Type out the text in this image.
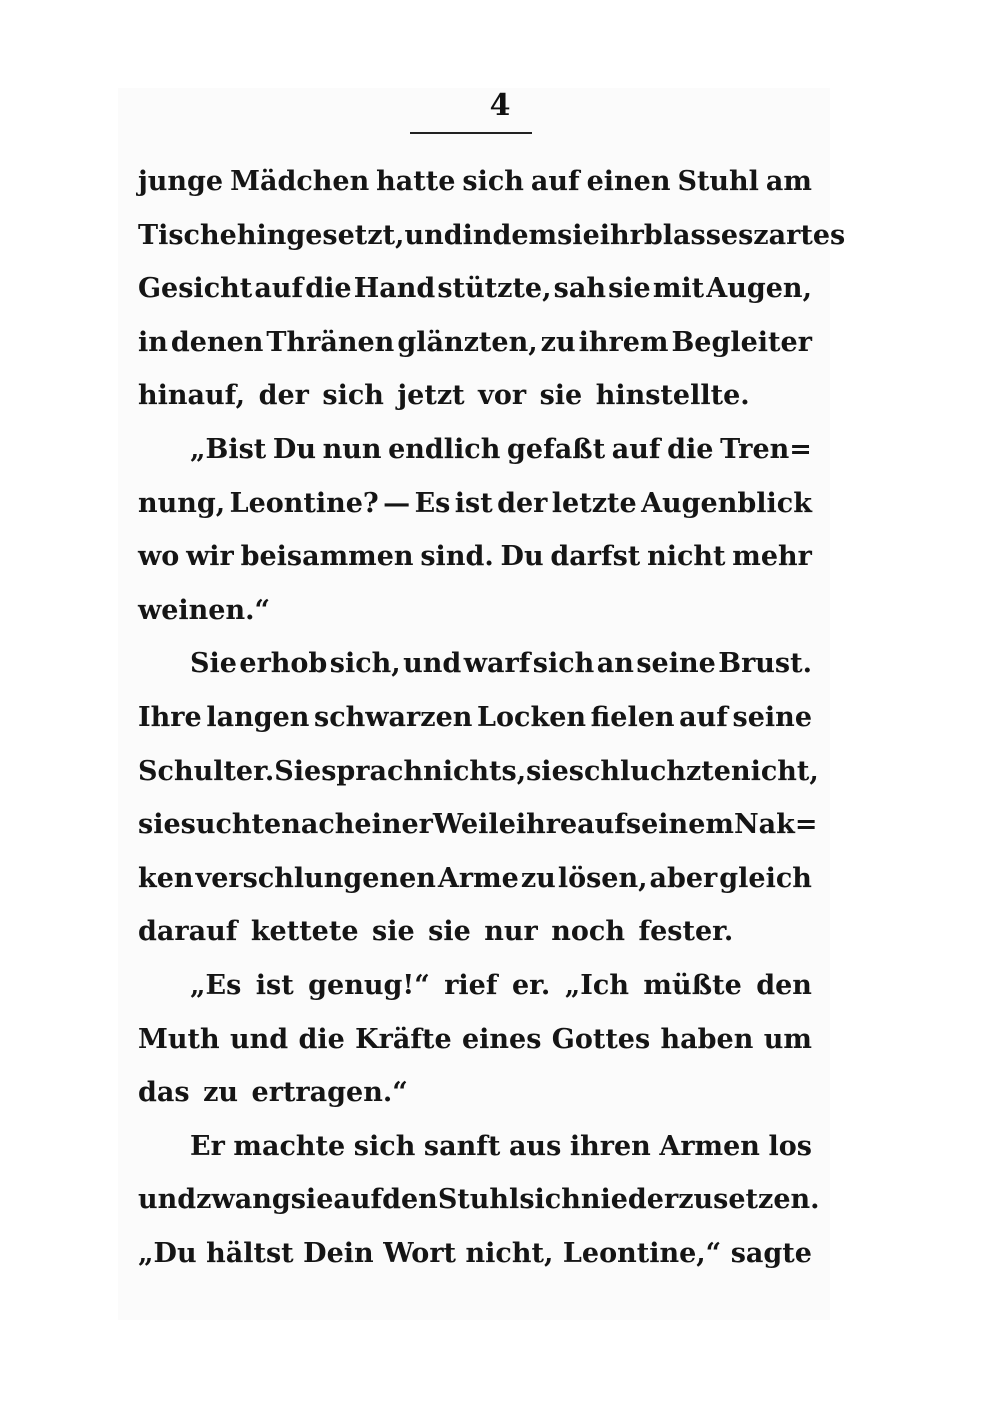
4
junge Mädchen hatte sich auf einen Stuhl am
Tische hingesetzt, und indem sie ihr blasses zartes
Gesicht auf die Hand stützte, sah sie mit Augen,
in denen Thränen glänzten, zu ihrem Begleiter
hinauf, der sich jetzt vor sie hinstellte.
„Bist Du nun endlich gefaßt auf die Tren=
nung, Leontine? — Es ist der letzte Augenblick
wo wir beisammen sind. Du darfst nicht mehr
weinen.“
Sie erhob sich, und warf sich an seine Brust.
Ihre langen schwarzen Locken fielen auf seine
Schulter. Sie sprach nichts, sie schluchzte nicht,
sie suchte nach einer Weile ihre auf seinem Nak=
ken verschlungenen Arme zu lösen, aber gleich
darauf kettete sie sie nur noch fester.
„Es ist genug!“ rief er. „Ich müßte den
Muth und die Kräfte eines Gottes haben um
das zu ertragen.“
Er machte sich sanft aus ihren Armen los
und zwang sie auf den Stuhl sich niederzusetzen.
„Du hältst Dein Wort nicht, Leontine,“ sagte
